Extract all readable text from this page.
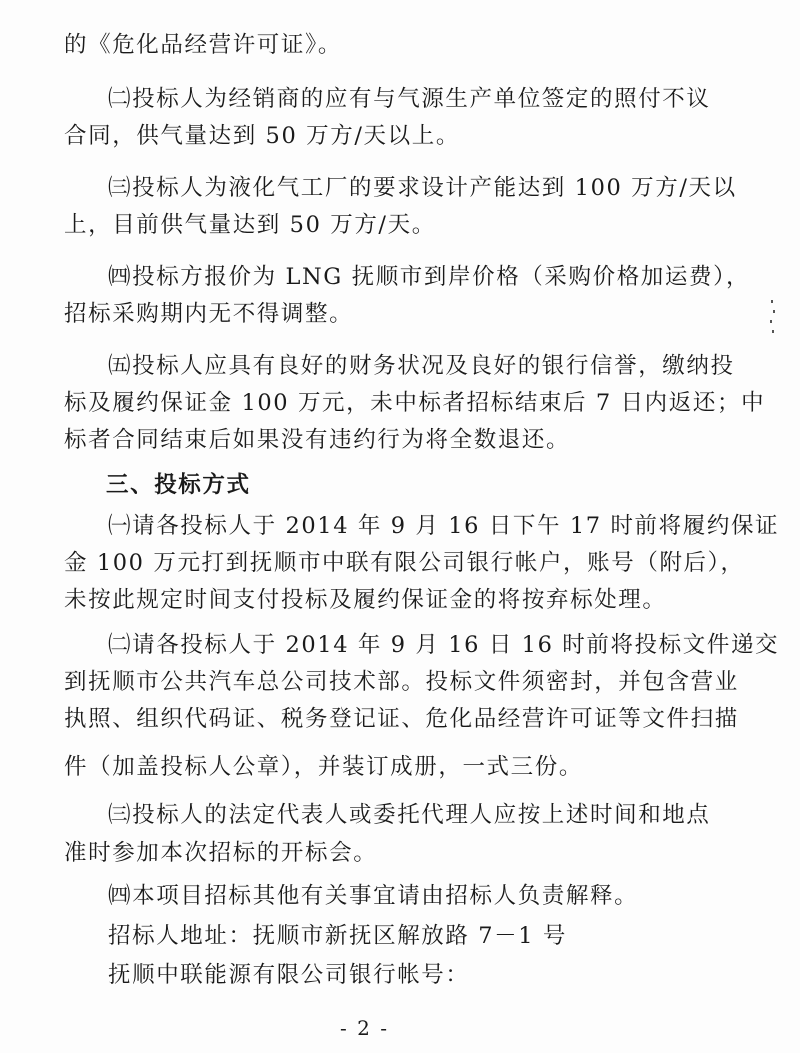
的《危化品经营许可证》。
㈡投标人为经销商的应有与气源生产单位签定的照付不议
合同，供气量达到 50 万方/天以上。
㈢投标人为液化气工厂的要求设计产能达到 100 万方/天以
上，目前供气量达到 50 万方/天。
㈣投标方报价为 LNG 抚顺市到岸价格（采购价格加运费），
招标采购期内无不得调整。
㈤投标人应具有良好的财务状况及良好的银行信誉，缴纳投
标及履约保证金 100 万元，未中标者招标结束后 7 日内返还；中
标者合同结束后如果没有违约行为将全数退还。
三、投标方式
㈠请各投标人于 2014 年 9 月 16 日下午 17 时前将履约保证
金 100 万元打到抚顺市中联有限公司银行帐户，账号（附后），
未按此规定时间支付投标及履约保证金的将按弃标处理。
㈡请各投标人于 2014 年 9 月 16 日 16 时前将投标文件递交
到抚顺市公共汽车总公司技术部。投标文件须密封，并包含营业
执照、组织代码证、税务登记证、危化品经营许可证等文件扫描
件（加盖投标人公章），并装订成册，一式三份。
㈢投标人的法定代表人或委托代理人应按上述时间和地点
准时参加本次招标的开标会。
㈣本项目招标其他有关事宜请由招标人负责解释。
招标人地址：抚顺市新抚区解放路 7－1 号
抚顺中联能源有限公司银行帐号：
- 2 -
